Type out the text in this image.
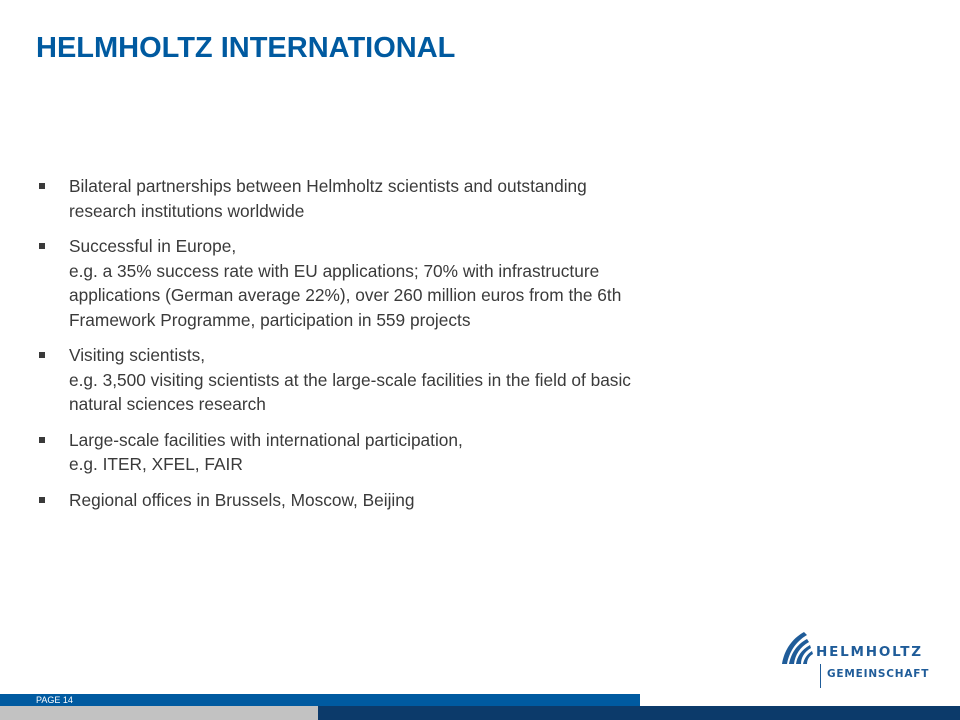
HELMHOLTZ INTERNATIONAL
Bilateral partnerships between Helmholtz scientists and outstanding
research institutions worldwide
Successful in Europe,
e.g. a 35% success rate with EU applications; 70% with infrastructure
applications (German average 22%), over 260 million euros from the 6th
Framework Programme, participation in 559 projects
Visiting scientists,
e.g. 3,500 visiting scientists at the large-scale facilities in the field of basic
natural sciences research
Large-scale facilities with international participation,
e.g. ITER, XFEL, FAIR
Regional offices in Brussels, Moscow, Beijing
HELMHOLTZ
GEMEINSCHAFT
PAGE 14
